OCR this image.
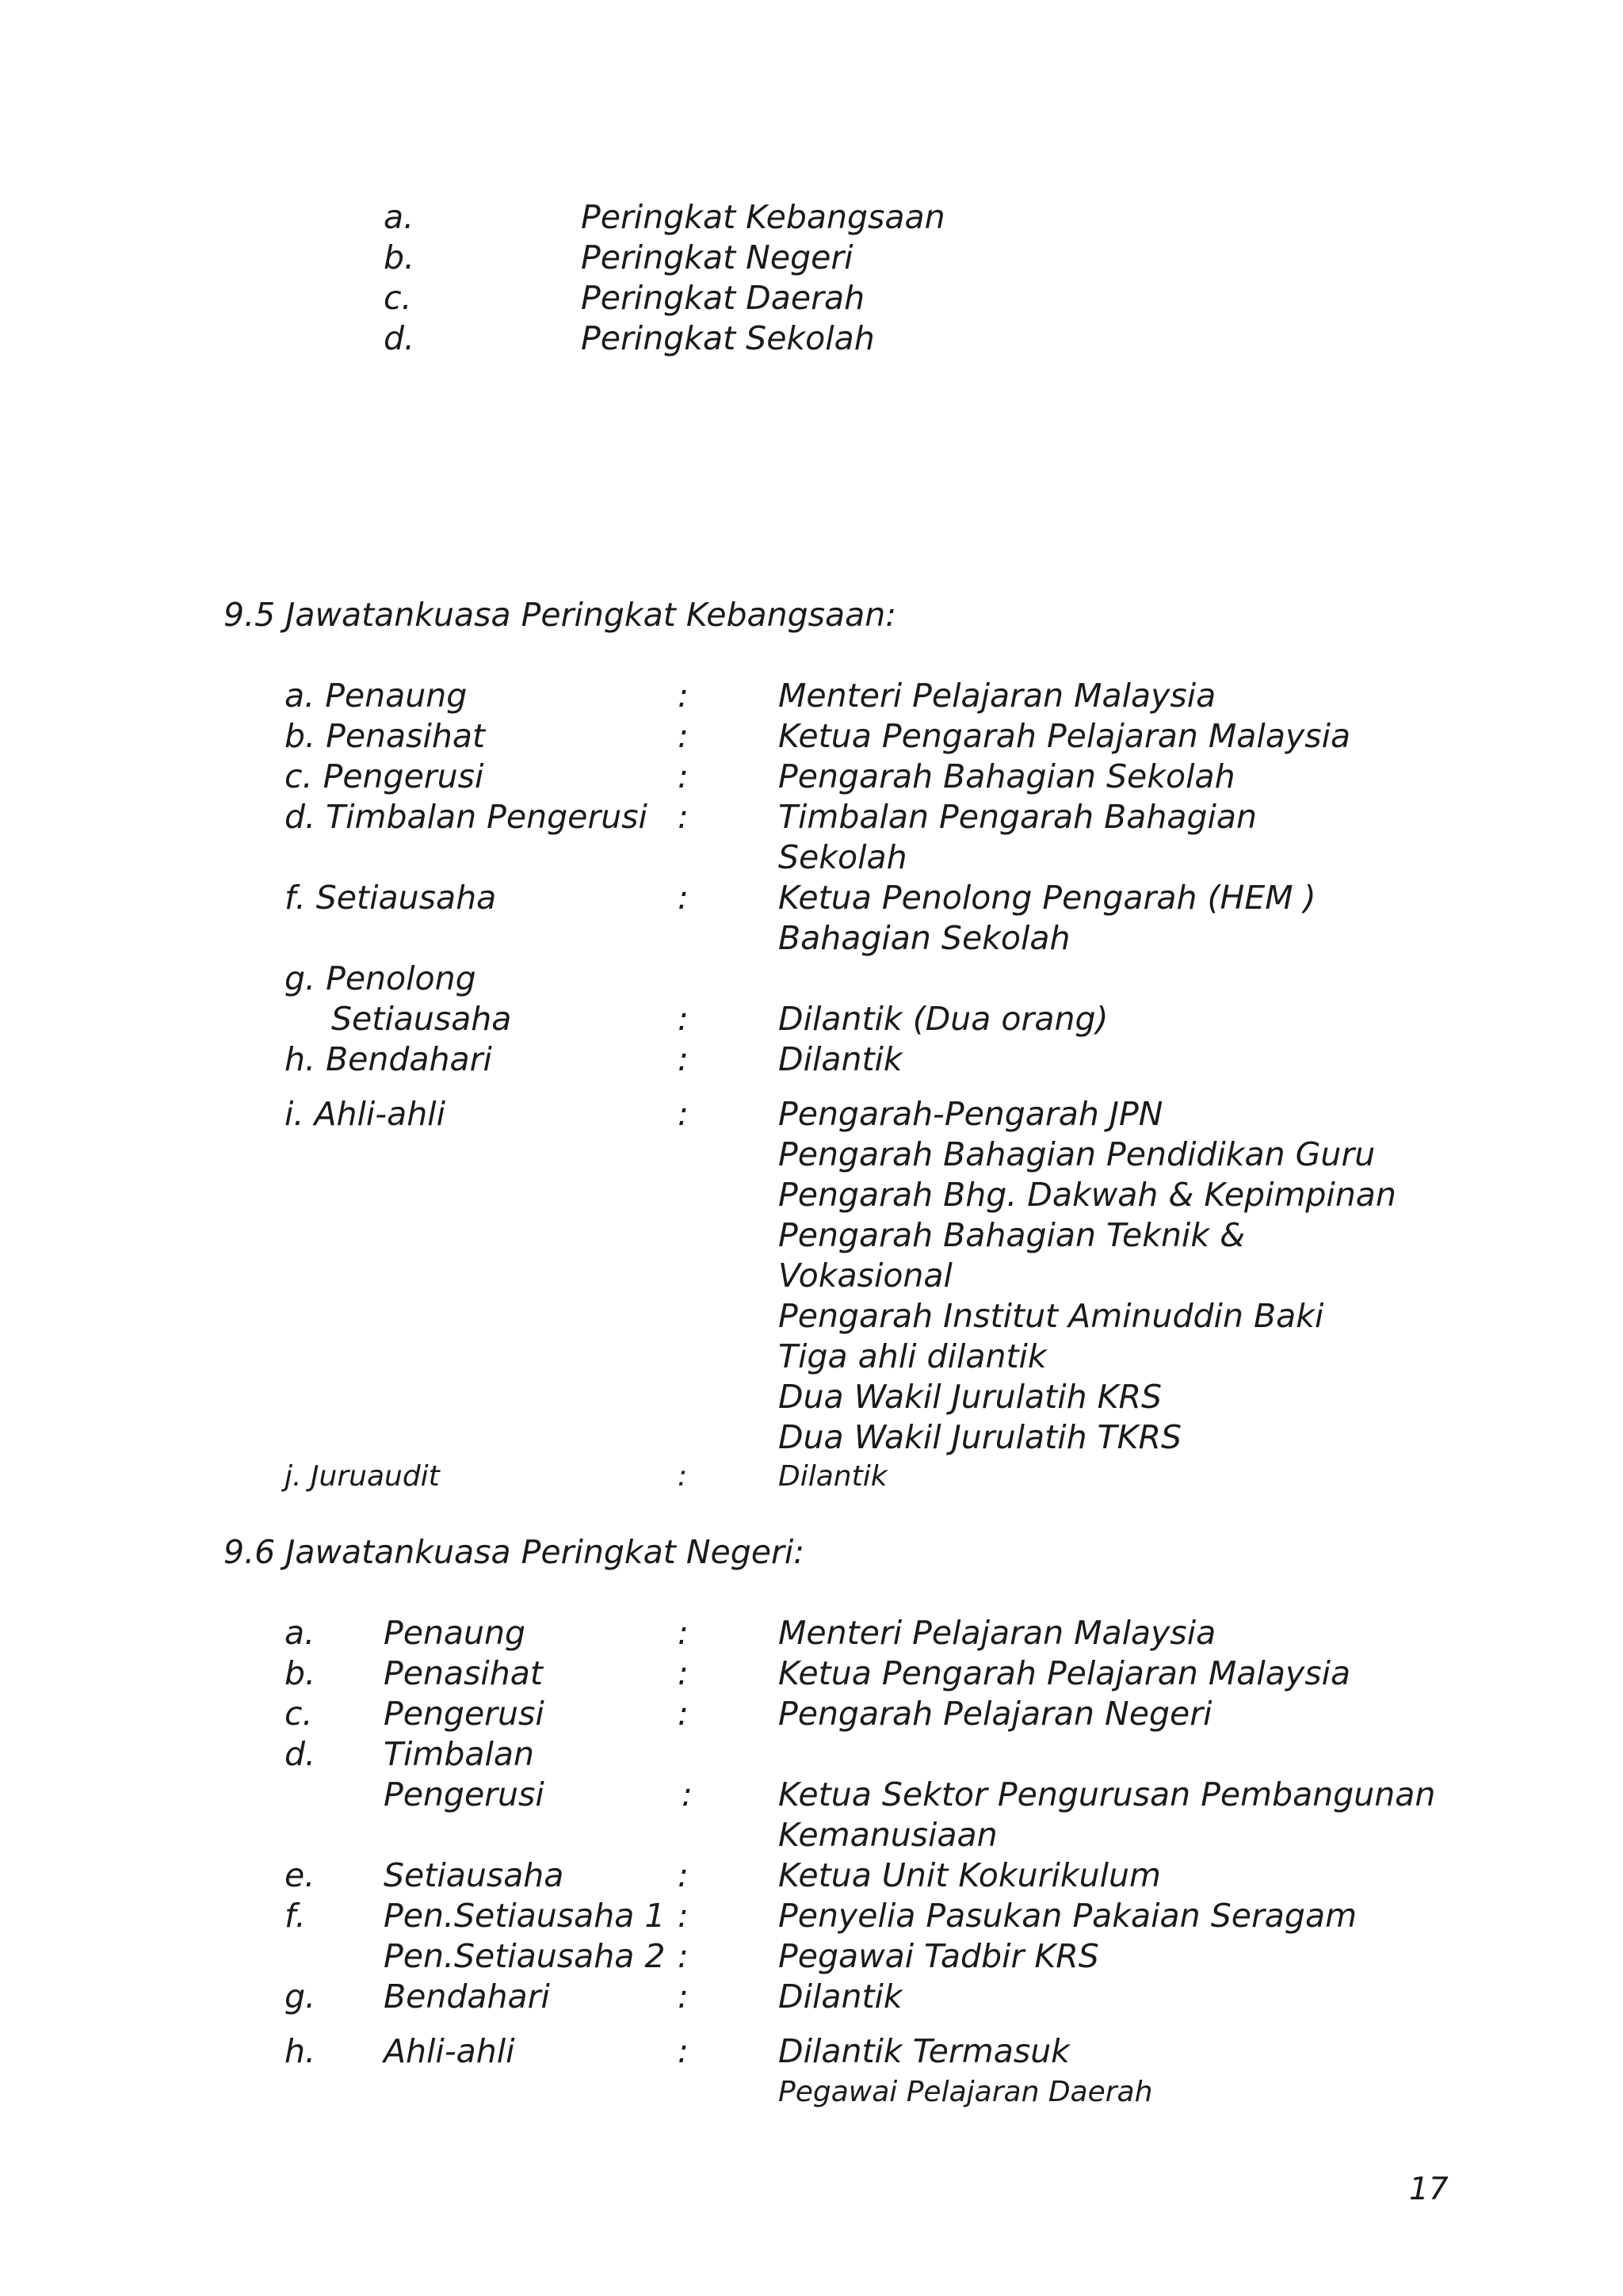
a.	Peringkat Kebangsaan
b.	Peringkat Negeri
c.	Peringkat Daerah
d.	Peringkat Sekolah
9.5 Jawatankuasa Peringkat Kebangsaan:
a. Penaung	:	Menteri Pelajaran Malaysia
b. Penasihat	:	Ketua Pengarah Pelajaran Malaysia
c. Pengerusi	:	Pengarah Bahagian Sekolah
d. Timbalan Pengerusi :	Timbalan Pengarah Bahagian
Sekolah
f. Setiausaha	:	Ketua Penolong Pengarah (HEM )
Bahagian Sekolah
g. Penolong
Setiausaha	:	Dilantik (Dua orang)
h. Bendahari	:	Dilantik
i. Ahli-ahli	:	Pengarah-Pengarah JPN
Pengarah Bahagian Pendidikan Guru
Pengarah Bhg. Dakwah & Kepimpinan
Pengarah Bahagian Teknik &
Vokasional
Pengarah Institut Aminuddin Baki
Tiga ahli dilantik
Dua Wakil Jurulatih KRS
Dua Wakil Jurulatih TKRS
j. Juruaudit	:	Dilantik
9.6 Jawatankuasa Peringkat Negeri:
a. Penaung	:	Menteri Pelajaran Malaysia
b. Penasihat	:	Ketua Pengarah Pelajaran Malaysia
c. Pengerusi	:	Pengarah Pelajaran Negeri
d. Timbalan
Pengerusi	:	Ketua Sektor Pengurusan Pembangunan
Kemanusiaan
e. Setiausaha	:	Ketua Unit Kokurikulum
f. Pen.Setiausaha 1 :	Penyelia Pasukan Pakaian Seragam
Pen.Setiausaha 2 :	Pegawai Tadbir KRS
g. Bendahari	:	Dilantik
h. Ahli-ahli	:	Dilantik Termasuk
Pegawai Pelajaran Daerah
17
